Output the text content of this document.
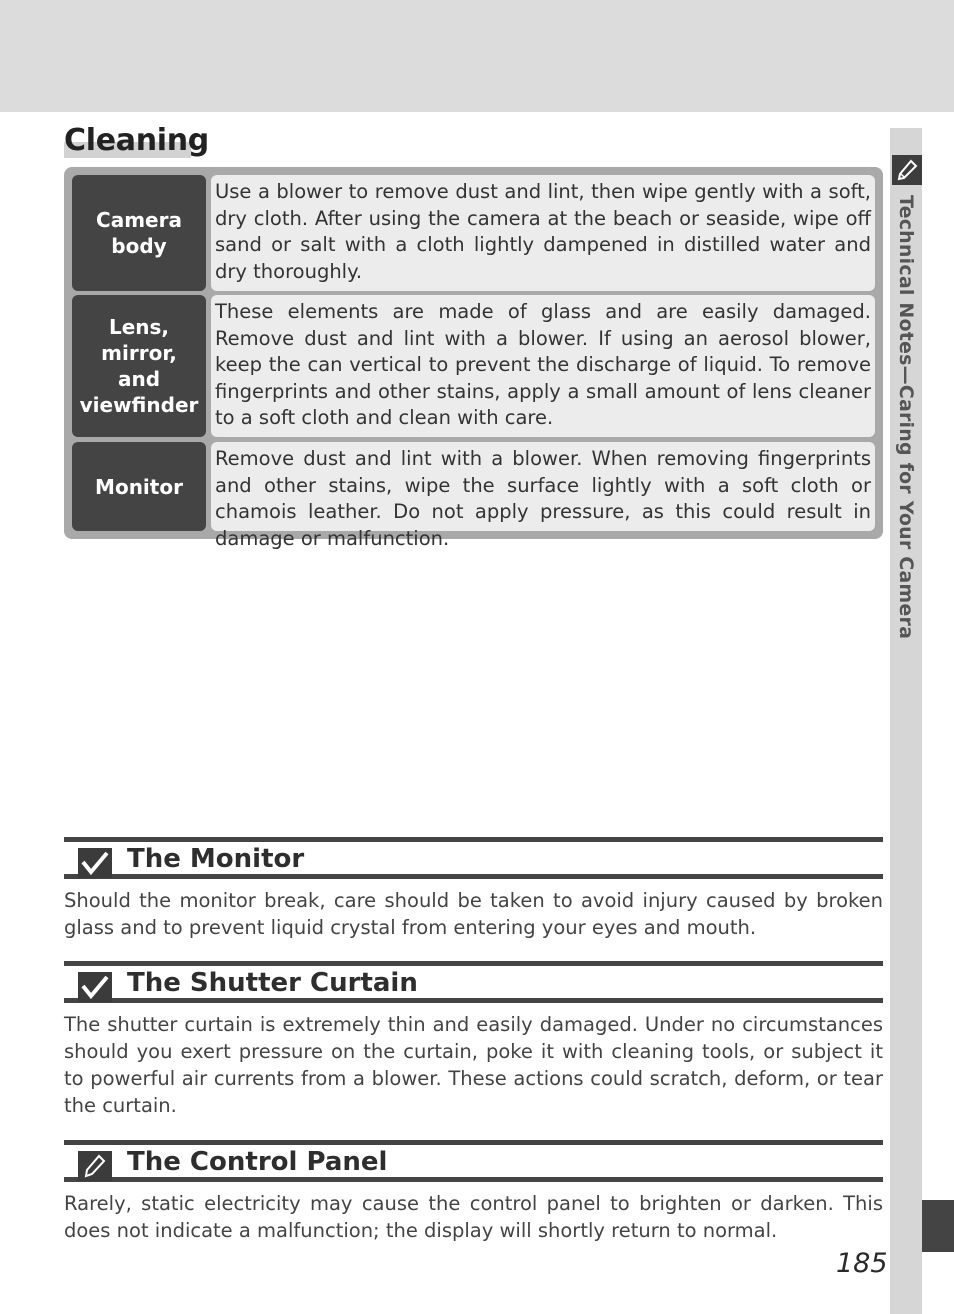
Technical Notes—Caring for Your Camera
Cleaning
Camera body
Use a blower to remove dust and lint, then wipe gently with a soft, dry cloth. After using the camera at the beach or seaside, wipe off sand or salt with a cloth lightly dampened in distilled water and dry thoroughly.
Lens, mirror, and viewfinder
These elements are made of glass and are easily damaged. Remove dust and lint with a blower. If using an aerosol blower, keep the can vertical to prevent the discharge of liquid. To remove fingerprints and other stains, apply a small amount of lens cleaner to a soft cloth and clean with care.
Monitor
Remove dust and lint with a blower. When removing fingerprints and other stains, wipe the surface lightly with a soft cloth or chamois leather. Do not apply pressure, as this could result in damage or malfunction.
The Monitor
Should the monitor break, care should be taken to avoid injury caused by broken glass and to prevent liquid crystal from entering your eyes and mouth.
The Shutter Curtain
The shutter curtain is extremely thin and easily damaged. Under no circumstances should you exert pressure on the curtain, poke it with cleaning tools, or subject it to powerful air currents from a blower. These actions could scratch, deform, or tear the curtain.
The Control Panel
Rarely, static electricity may cause the control panel to brighten or darken. This does not indicate a malfunction; the display will shortly return to normal.
185
